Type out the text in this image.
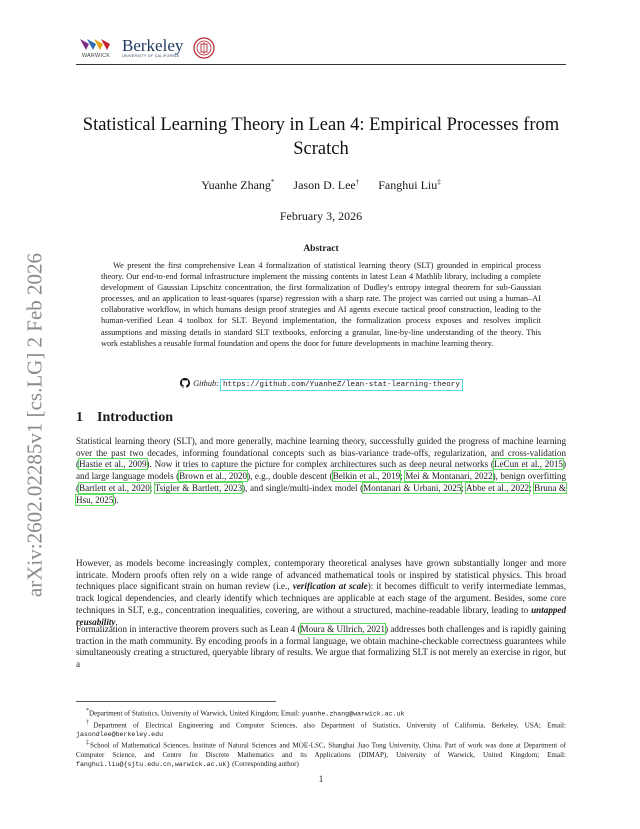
WARWICK
Berkeley
UNIVERSITY OF CALIFORNIA
arXiv:2602.02285v1 [cs.LG] 2 Feb 2026
Statistical Learning Theory in Lean 4: Empirical Processes from Scratch
Yuanhe Zhang* Jason D. Lee† Fanghui Liu‡
February 3, 2026
Abstract
We present the first comprehensive Lean 4 formalization of statistical learning theory (SLT) grounded in empirical process theory. Our end-to-end formal infrastructure implement the missing contents in latest Lean 4 Mathlib library, including a complete development of Gaussian Lipschitz concentration, the first formalization of Dudley's entropy integral theorem for sub-Gaussian processes, and an application to least-squares (sparse) regression with a sharp rate. The project was carried out using a human–AI collaborative workflow, in which humans design proof strategies and AI agents execute tactical proof construction, leading to the human-verified Lean 4 toolbox for SLT. Beyond implementation, the formalization process exposes and resolves implicit assumptions and missing details in standard SLT textbooks, enforcing a granular, line-by-line understanding of the theory. This work establishes a reusable formal foundation and opens the door for future developments in machine learning theory.
Github: https://github.com/YuanheZ/lean-stat-learning-theory
1 Introduction
Statistical learning theory (SLT), and more generally, machine learning theory, successfully guided the progress of machine learning over the past two decades, informing foundational concepts such as bias-variance trade-offs, regularization, and cross-validation (Hastie et al., 2009). Now it tries to capture the picture for complex architectures such as deep neural networks (LeCun et al., 2015) and large language models (Brown et al., 2020), e.g., double descent (Belkin et al., 2019; Mei & Montanari, 2022), benign overfitting (Bartlett et al., 2020; Tsigler & Bartlett, 2023), and single/multi-index model (Montanari & Urbani, 2025; Abbe et al., 2022; Bruna & Hsu, 2025).
However, as models become increasingly complex, contemporary theoretical analyses have grown substantially longer and more intricate. Modern proofs often rely on a wide range of advanced mathematical tools or inspired by statistical physics. This broad techniques place significant strain on human review (i.e., verification at scale): it becomes difficult to verify intermediate lemmas, track logical dependencies, and clearly identify which techniques are applicable at each stage of the argument. Besides, some core techniques in SLT, e.g., concentration inequalities, covering, are without a structured, machine-readable library, leading to untapped reusability.
Formalization in interactive theorem provers such as Lean 4 (Moura & Ullrich, 2021) addresses both challenges and is rapidly gaining traction in the math community. By encoding proofs in a formal language, we obtain machine-checkable correctness guarantees while simultaneously creating a structured, queryable library of results. We argue that formalizing SLT is not merely an exercise in rigor, but a

*Department of Statistics, University of Warwick, United Kingdom; Email: yuanhe.zhang@warwick.ac.uk

†Department of Electrical Engineering and Computer Sciences, also Department of Statistics, University of California, Berkeley, USA; Email: jasondlee@berkeley.edu

‡School of Mathematical Sciences, Institute of Natural Sciences and MOE-LSC, Shanghai Jiao Tong University, China. Part of work was done at Department of Computer Science, and Centre for Discrete Mathematics and its Applications (DIMAP), University of Warwick, United Kingdom; Email: fanghui.liu@{sjtu.edu.cn,warwick.ac.uk} (Corresponding author)

1
